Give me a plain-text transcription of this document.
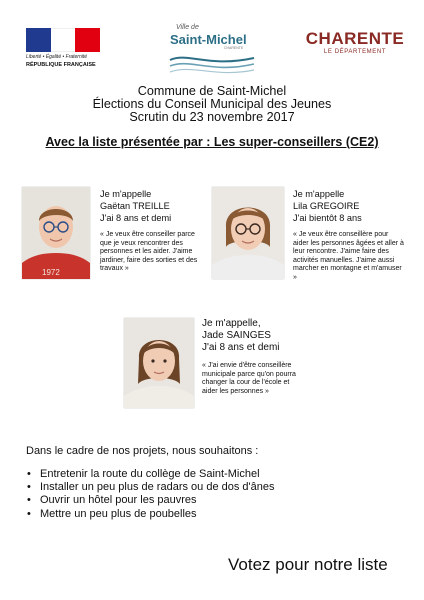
Liberté • Égalité • Fraternité
RÉPUBLIQUE FRANÇAISE
Ville de
Saint-Michel
CHARENTE	CHARENTE
LE DÉPARTEMENT
Commune de Saint-Michel
Élections du Conseil Municipal des Jeunes
Scrutin du 23 novembre 2017
Avec la liste présentée par : Les super-conseillers (CE2)
1972
Je m'appelle
Gaëtan TREILLE
J'ai 8 ans et demi
« Je veux être conseiller parce que je veux rencontrer des personnes et les aider. J'aime jardiner, faire des sorties et des travaux »
Je m'appelle
Lila GREGOIRE
J'ai bientôt 8 ans
« Je veux être conseillère pour aider les personnes âgées et aller à leur rencontre. J'aime faire des activités manuelles. J'aime aussi marcher en montagne et m'amuser »
Je m'appelle,
Jade SAINGES
J'ai 8 ans et demi
« J'ai envie d'être conseillère municipale parce qu'on pourra changer la cour de l'école et aider les personnes »
Dans le cadre de nos projets, nous souhaitons :
• Entretenir la route du collège de Saint-Michel
• Installer un peu plus de radars ou de dos d'ânes
• Ouvrir un hôtel pour les pauvres
• Mettre un peu plus de poubelles
Votez pour notre liste
